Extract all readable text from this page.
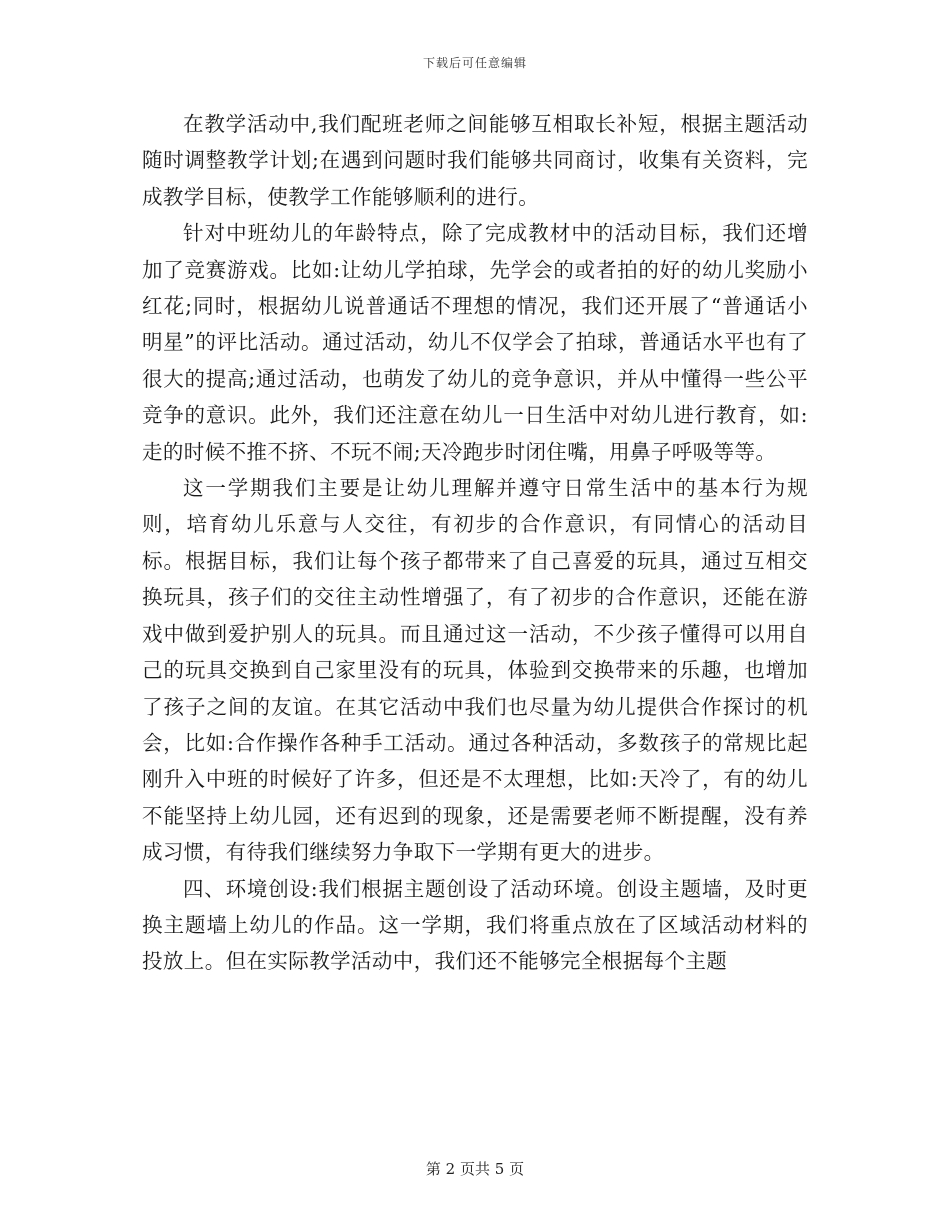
下载后可任意编辑

在教学活动中,我们配班老师之间能够互相取长补短，根据主题活动随时调整教学计划;在遇到问题时我们能够共同商讨，收集有关资料，完成教学目标，使教学工作能够顺利的进行。

针对中班幼儿的年龄特点，除了完成教材中的活动目标，我们还增加了竞赛游戏。比如:让幼儿学拍球，先学会的或者拍的好的幼儿奖励小红花;同时，根据幼儿说普通话不理想的情况，我们还开展了“普通话小明星”的评比活动。通过活动，幼儿不仅学会了拍球，普通话水平也有了很大的提高;通过活动，也萌发了幼儿的竞争意识，并从中懂得一些公平竞争的意识。此外，我们还注意在幼儿一日生活中对幼儿进行教育，如:走的时候不推不挤、不玩不闹;天冷跑步时闭住嘴，用鼻子呼吸等等。

这一学期我们主要是让幼儿理解并遵守日常生活中的基本行为规则，培育幼儿乐意与人交往，有初步的合作意识，有同情心的活动目标。根据目标，我们让每个孩子都带来了自己喜爱的玩具，通过互相交换玩具，孩子们的交往主动性增强了，有了初步的合作意识，还能在游戏中做到爱护别人的玩具。而且通过这一活动，不少孩子懂得可以用自己的玩具交换到自己家里没有的玩具，体验到交换带来的乐趣，也增加了孩子之间的友谊。在其它活动中我们也尽量为幼儿提供合作探讨的机会，比如:合作操作各种手工活动。通过各种活动，多数孩子的常规比起刚升入中班的时候好了许多，但还是不太理想，比如:天冷了，有的幼儿不能坚持上幼儿园，还有迟到的现象，还是需要老师不断提醒，没有养成习惯，有待我们继续努力争取下一学期有更大的进步。

四、环境创设:我们根据主题创设了活动环境。创设主题墙，及时更换主题墙上幼儿的作品。这一学期，我们将重点放在了区域活动材料的投放上。但在实际教学活动中，我们还不能够完全根据每个主题

第 2 页共 5 页
